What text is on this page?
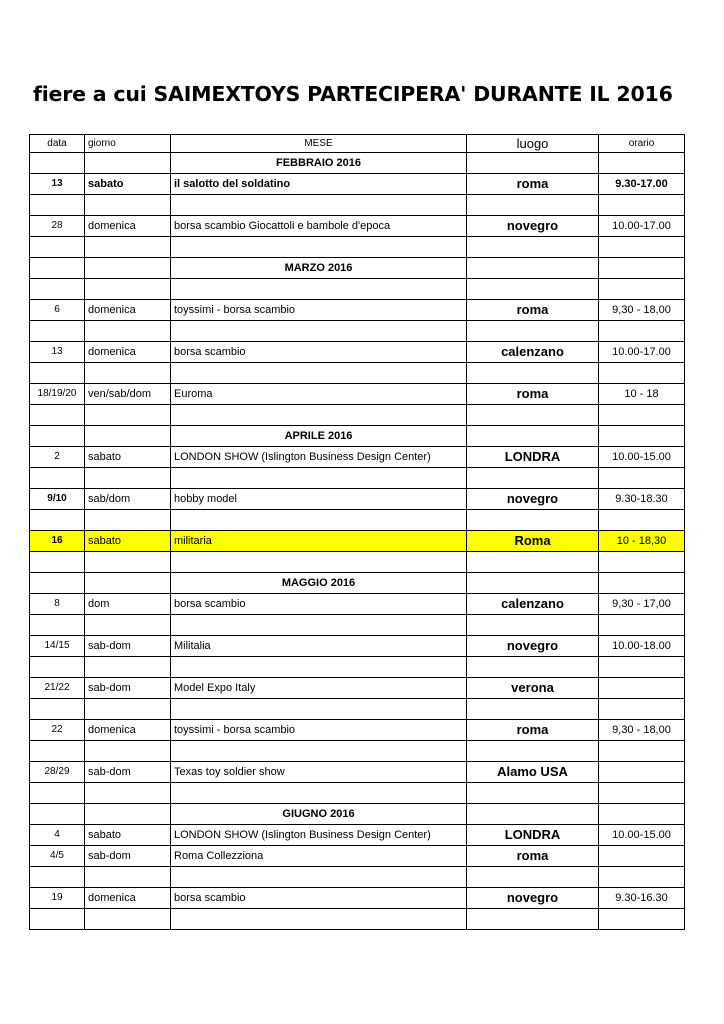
fiere a cui SAIMEXTOYS PARTECIPERA' DURANTE IL 2016
data	giorno	MESE	luogo	orario
		FEBBRAIO 2016		
13	sabato	il salotto del soldatino	roma	9.30-17.00

28	domenica	borsa scambio Giocattoli e bambole d'epoca	novegro	10.00-17.00

		MARZO 2016		

6	domenica	toyssimi - borsa scambio	roma	9,30 - 18,00

13	domenica	borsa scambio	calenzano	10.00-17.00

18/19/20	ven/sab/dom	Euroma	roma	10 - 18

		APRILE 2016		
2	sabato	LONDON SHOW (Islington Business Design Center)	LONDRA	10.00-15.00

9/10	sab/dom	hobby model	novegro	9.30-18.30

16	sabato	militaria	Roma	10 - 18,30

		MAGGIO 2016		
8	dom	borsa scambio	calenzano	9,30 - 17,00

14/15	sab-dom	Militalia	novegro	10.00-18.00

21/22	sab-dom	Model Expo Italy	verona	

22	domenica	toyssimi - borsa scambio	roma	9,30 - 18,00

28/29	sab-dom	Texas toy soldier show	Alamo USA	

		GIUGNO 2016		
4	sabato	LONDON SHOW (Islington Business Design Center)	LONDRA	10.00-15.00
4/5	sab-dom	Roma Collezziona	roma	

19	domenica	borsa scambio	novegro	9.30-16.30
